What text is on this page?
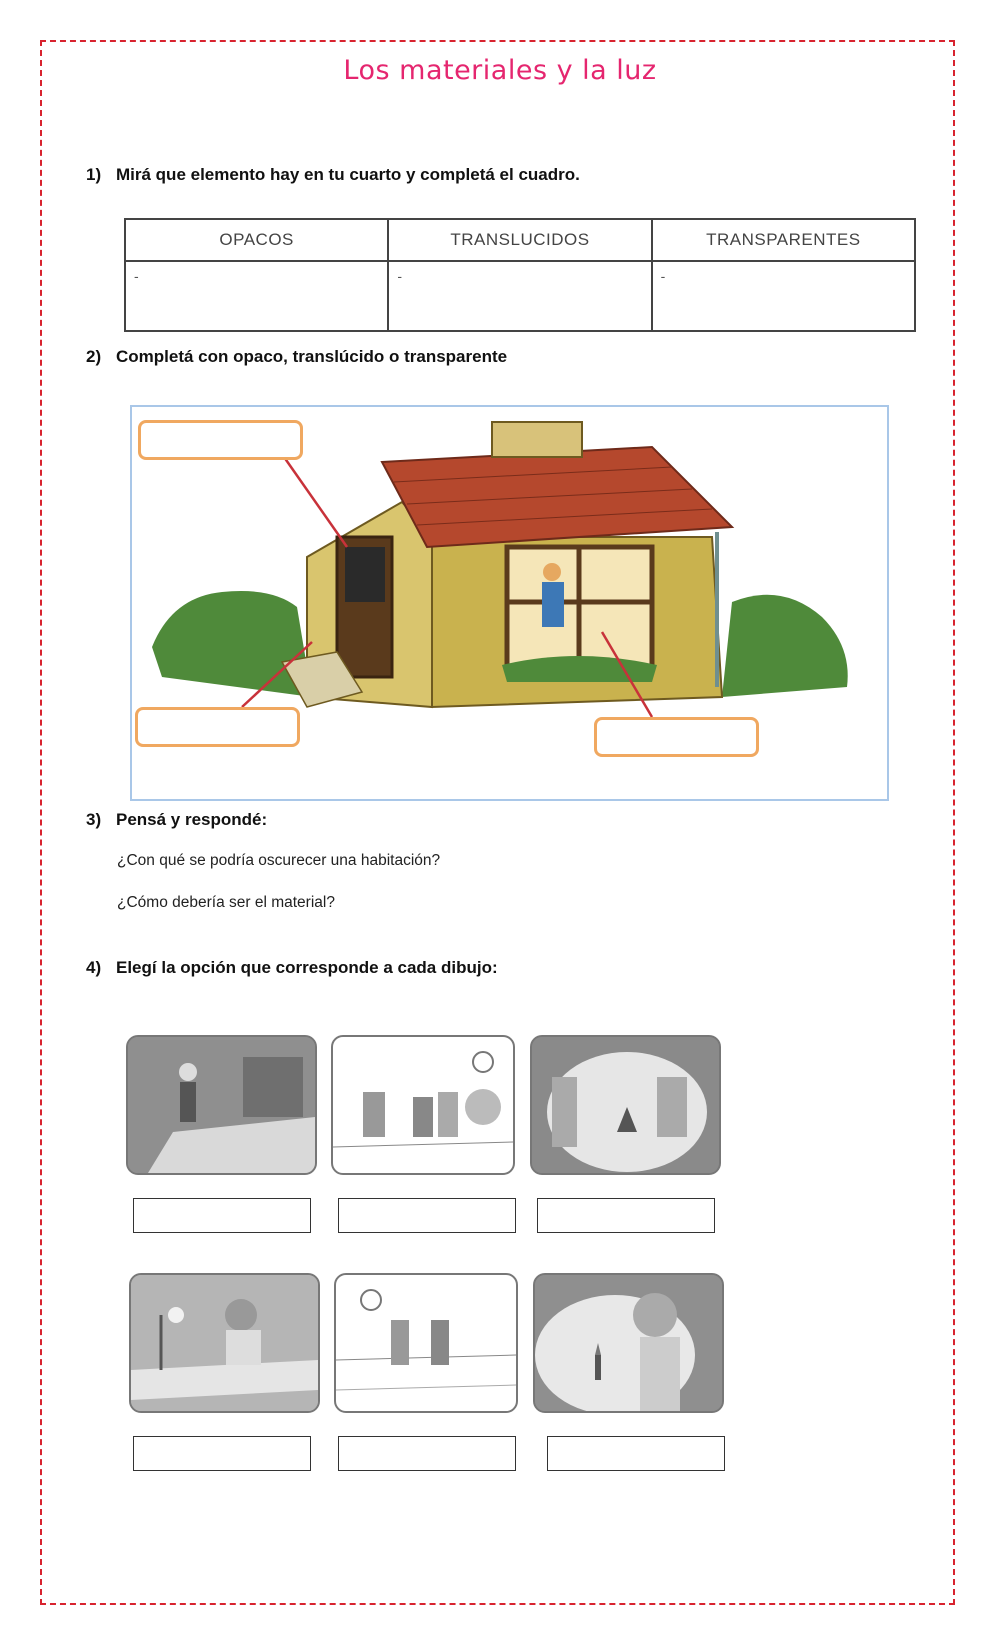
Los materiales y la luz
1) Mirá que elemento hay en tu cuarto y completá el cuadro.
OPACOS	TRANSLUCIDOS	TRANSPARENTES
-	-	-
2) Completá con opaco, translúcido o transparente
3) Pensá y respondé:
¿Con qué se podría oscurecer una habitación?
¿Cómo debería ser el material?
4) Elegí la opción que corresponde a cada dibujo:
